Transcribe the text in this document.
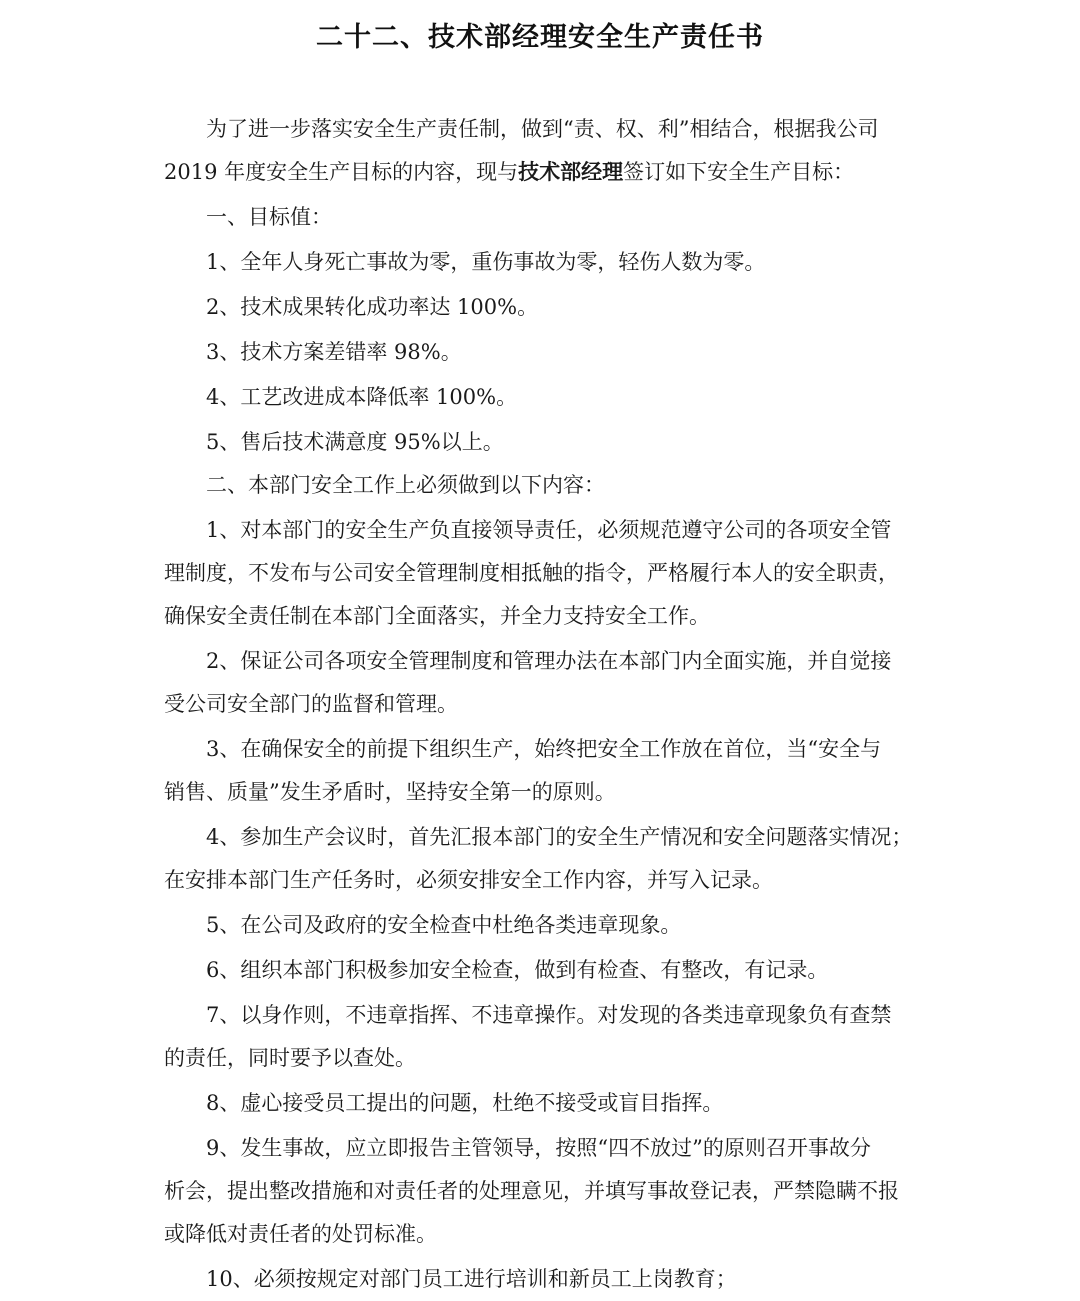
二十二、技术部经理安全生产责任书
为了进一步落实安全生产责任制，做到“责、权、利”相结合，根据我公司
2019 年度安全生产目标的内容，现与技术部经理签订如下安全生产目标：
一、目标值：
1、全年人身死亡事故为零，重伤事故为零，轻伤人数为零。
2、技术成果转化成功率达 100%。
3、技术方案差错率 98%。
4、工艺改进成本降低率 100%。
5、售后技术满意度 95%以上。
二、本部门安全工作上必须做到以下内容：
1、对本部门的安全生产负直接领导责任，必须规范遵守公司的各项安全管
理制度，不发布与公司安全管理制度相抵触的指令，严格履行本人的安全职责，
确保安全责任制在本部门全面落实，并全力支持安全工作。
2、保证公司各项安全管理制度和管理办法在本部门内全面实施，并自觉接
受公司安全部门的监督和管理。
3、在确保安全的前提下组织生产，始终把安全工作放在首位，当“安全与
销售、质量”发生矛盾时，坚持安全第一的原则。
4、参加生产会议时，首先汇报本部门的安全生产情况和安全问题落实情况；
在安排本部门生产任务时，必须安排安全工作内容，并写入记录。
5、在公司及政府的安全检查中杜绝各类违章现象。
6、组织本部门积极参加安全检查，做到有检查、有整改，有记录。
7、以身作则，不违章指挥、不违章操作。对发现的各类违章现象负有查禁
的责任，同时要予以查处。
8、虚心接受员工提出的问题，杜绝不接受或盲目指挥。
9、发生事故，应立即报告主管领导，按照“四不放过”的原则召开事故分
析会，提出整改措施和对责任者的处理意见，并填写事故登记表，严禁隐瞒不报
或降低对责任者的处罚标准。
10、必须按规定对部门员工进行培训和新员工上岗教育；
